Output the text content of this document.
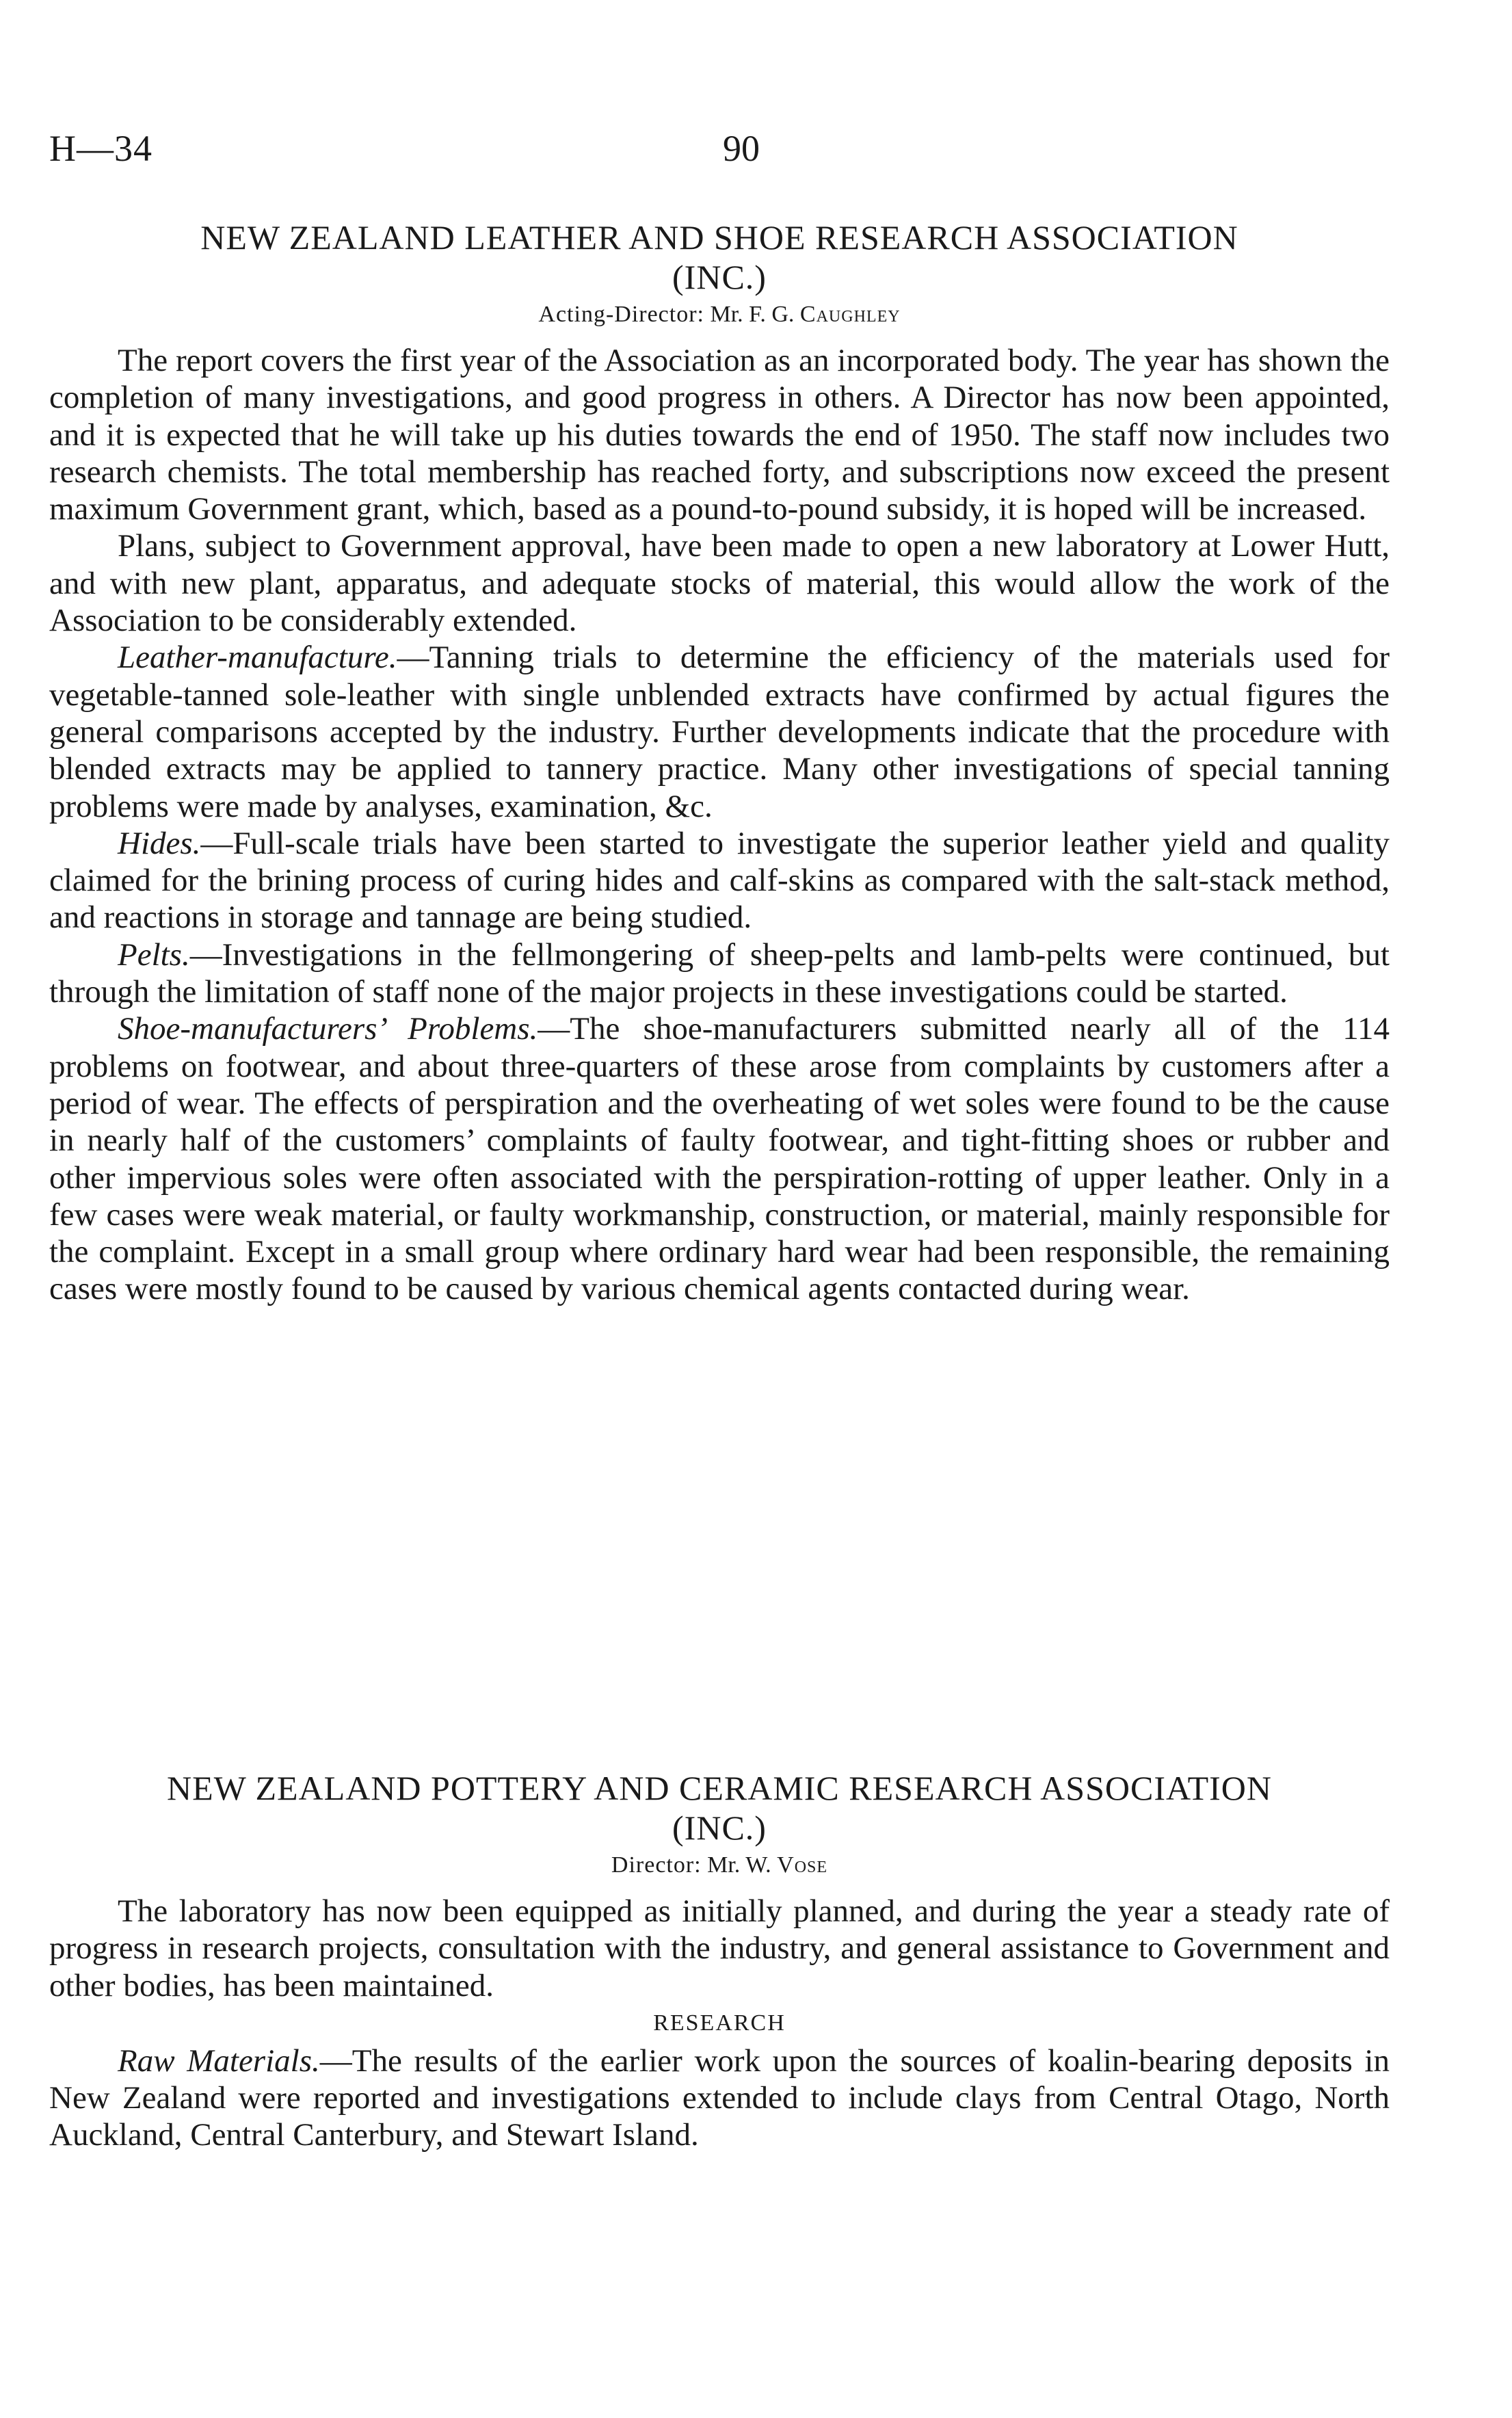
H—34	90
NEW ZEALAND LEATHER AND SHOE RESEARCH ASSOCIATION (INC.)
Acting-Director: Mr. F. G. Caughley

The report covers the first year of the Association as an incorporated body. The year has shown the completion of many investigations, and good progress in others. A Director has now been appointed, and it is expected that he will take up his duties towards the end of 1950. The staff now includes two research chemists. The total membership has reached forty, and subscriptions now exceed the present maximum Government grant, which, based as a pound-to-pound subsidy, it is hoped will be increased.

Plans, subject to Government approval, have been made to open a new laboratory at Lower Hutt, and with new plant, apparatus, and adequate stocks of material, this would allow the work of the Association to be considerably extended.

Leather-manufacture.—Tanning trials to determine the efficiency of the materials used for vegetable-tanned sole-leather with single unblended extracts have confirmed by actual figures the general comparisons accepted by the industry. Further developments indicate that the procedure with blended extracts may be applied to tannery practice. Many other investigations of special tanning problems were made by analyses, examination, &c.

Hides.—Full-scale trials have been started to investigate the superior leather yield and quality claimed for the brining process of curing hides and calf-skins as compared with the salt-stack method, and reactions in storage and tannage are being studied.

Pelts.—Investigations in the fellmongering of sheep-pelts and lamb-pelts were continued, but through the limitation of staff none of the major projects in these investigations could be started.

Shoe-manufacturers’ Problems.—The shoe-manufacturers submitted nearly all of the 114 problems on footwear, and about three-quarters of these arose from complaints by customers after a period of wear. The effects of perspiration and the overheating of wet soles were found to be the cause in nearly half of the customers’ complaints of faulty footwear, and tight-fitting shoes or rubber and other impervious soles were often associated with the perspiration-rotting of upper leather. Only in a few cases were weak material, or faulty workmanship, construction, or material, mainly responsible for the complaint. Except in a small group where ordinary hard wear had been responsible, the remaining cases were mostly found to be caused by various chemical agents contacted during wear.

NEW ZEALAND POTTERY AND CERAMIC RESEARCH ASSOCIATION (INC.)
Director: Mr. W. Vose

The laboratory has now been equipped as initially planned, and during the year a steady rate of progress in research projects, consultation with the industry, and general assistance to Government and other bodies, has been maintained.

RESEARCH

Raw Materials.—The results of the earlier work upon the sources of koalin-bearing deposits in New Zealand were reported and investigations extended to include clays from Central Otago, North Auckland, Central Canterbury, and Stewart Island.
